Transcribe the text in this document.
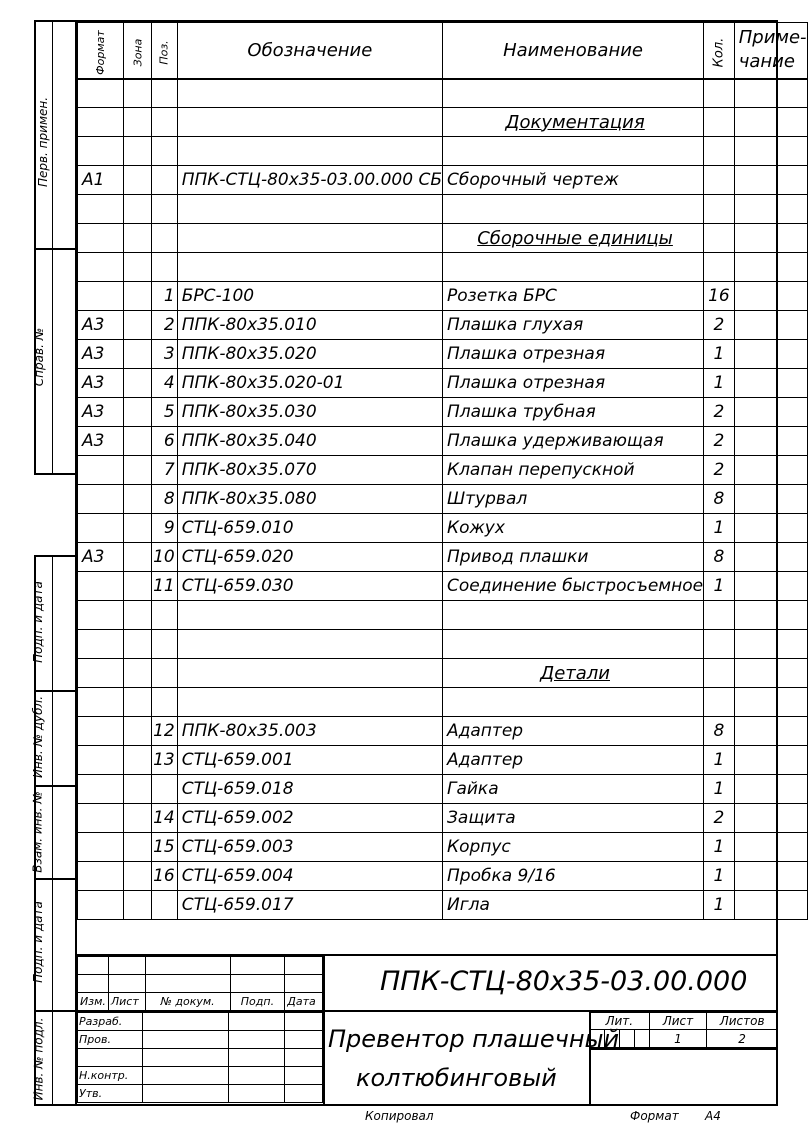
Перв. примен.
Справ. №
Подп. и дата
Инв. № дубл.
Взам. инв. №
Подп. и дата
Инв. № подл.
Формат	Зона	Поз.	Обозначение	Наименование	Кол.	Приме-чание

				Документация		

А1			ППК-СТЦ-80х35-03.00.000 СБ	Сборочный чертеж		

				Сборочные единицы		

		1	БРС-100	Розетка БРС	16	
А3		2	ППК-80х35.010	Плашка глухая	2	
А3		3	ППК-80х35.020	Плашка отрезная	1	
А3		4	ППК-80х35.020-01	Плашка отрезная	1	
А3		5	ППК-80х35.030	Плашка трубная	2	
А3		6	ППК-80х35.040	Плашка удерживающая	2	
		7	ППК-80х35.070	Клапан перепускной	2	
		8	ППК-80х35.080	Штурвал	8	
		9	СТЦ-659.010	Кожух	1	
А3		10	СТЦ-659.020	Привод плашки	8	
		11	СТЦ-659.030	Соединение быстросъемное	1	

				Детали		

		12	ППК-80х35.003	Адаптер	8	
		13	СТЦ-659.001	Адаптер	1	
			СТЦ-659.018	Гайка	1	
		14	СТЦ-659.002	Защита	2	
		15	СТЦ-659.003	Корпус	1	
		16	СТЦ-659.004	Пробка 9/16	1	
			СТЦ-659.017	Игла	1	
ППК-СТЦ-80х35-03.00.000

Изм.	Лист	№ докум.	Подп.	Дата
Разраб.			
Пров.			

Н.контр.			
Утв.			
Превентор плашечный
колтюбинговый
Лит.				Лист	Листов
				1	2
Копировал	Формат А4
